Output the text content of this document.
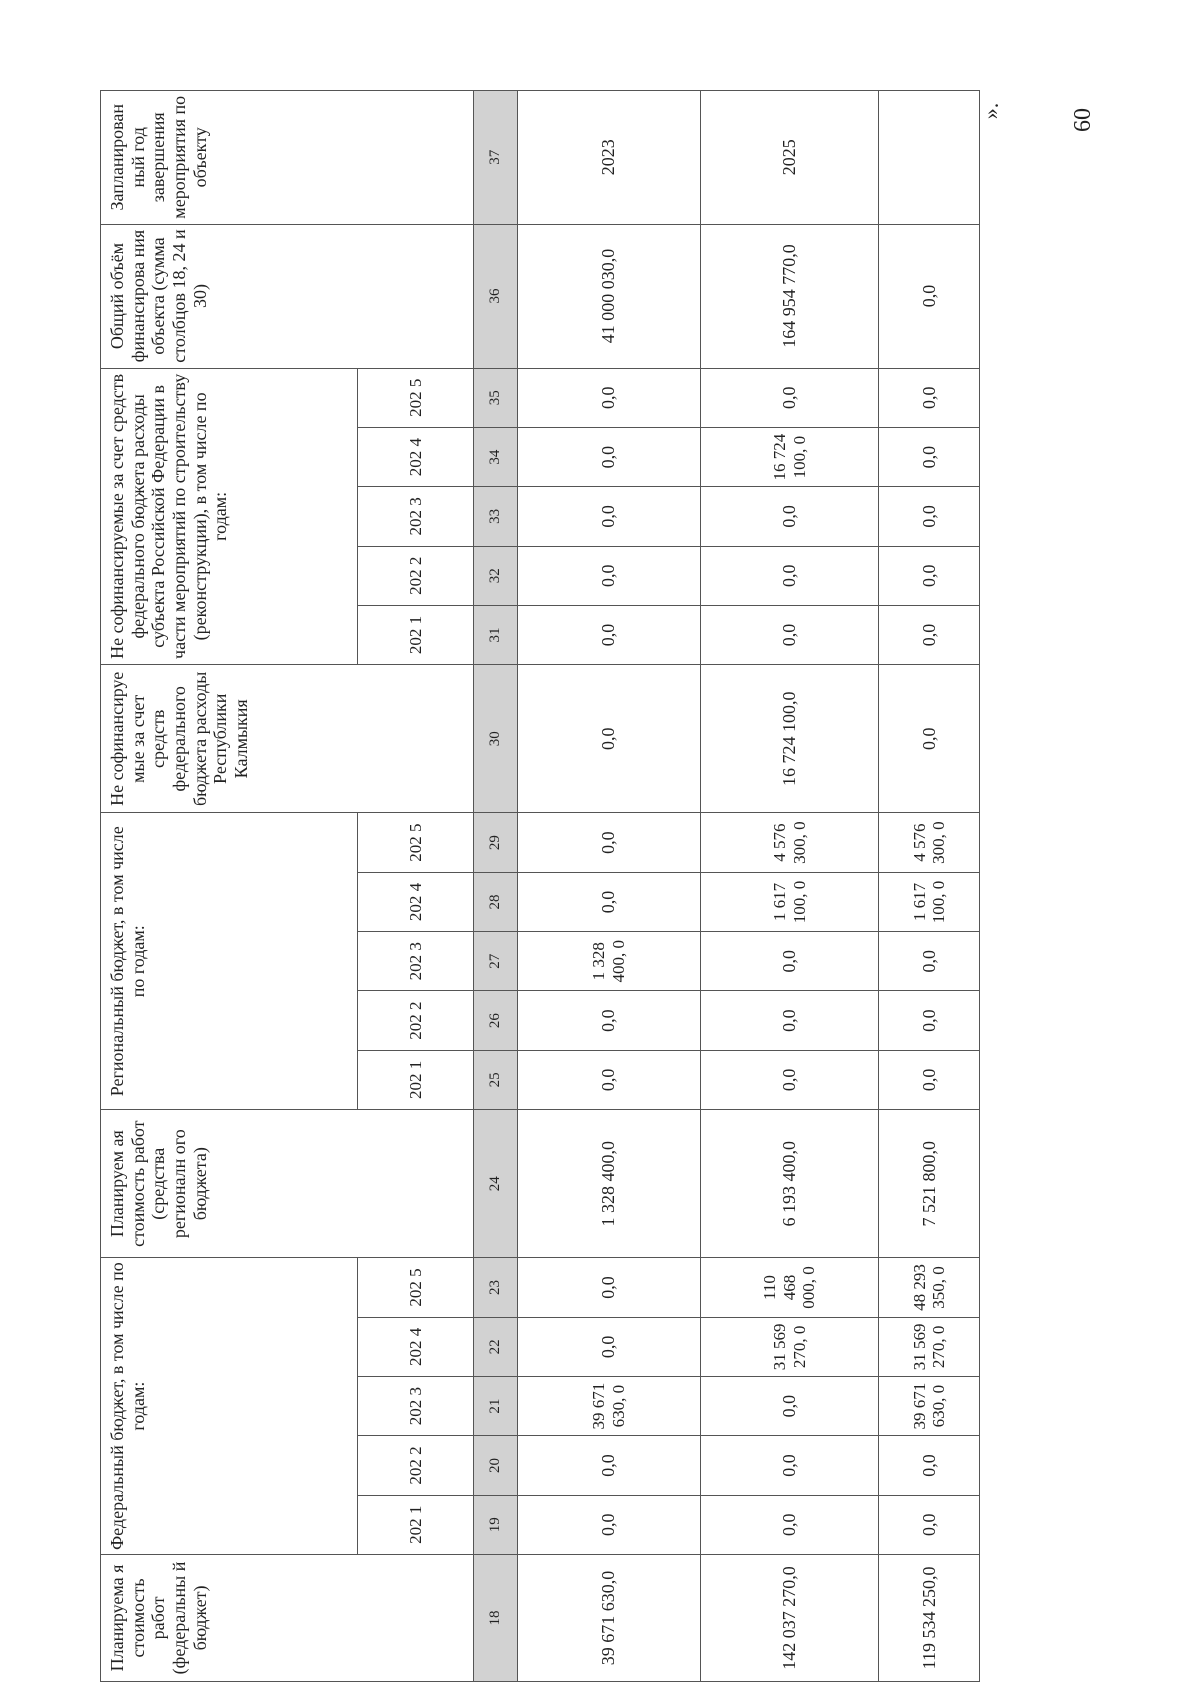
».	60
Планируема я стоимость работ (федеральны й бюджет)	Федеральный бюджет, в том числе по годам:					Планируем ая стоимость работ (средства регионалн ого бюджета)	Региональный бюджет, в том числе по годам:					Не софинансируе мые за счет средств федерального бюджета расходы Республики Калмыкия	Не софинансируемые за счет средств федерального бюджета расходы субъекта Российской Федерации в части мероприятий по строительству (реконструкции), в том числе по годам:					Общий объём финансирова ния объекта (сумма столбцов 18, 24 и 30)	Запланирован ный год завершения мероприятия по объекту
	202 1	202 2	202 3	202 4	202 5		202 1	202 2	202 3	202 4	202 5		202 1	202 2	202 3	202 4	202 5		
18	19	20	21	22	23	24	25	26	27	28	29	30	31	32	33	34	35	36	37
39 671 630,0	0,0	0,0	39 671 630, 0	0,0	0,0	1 328 400,0	0,0	0,0	1 328 400, 0	0,0	0,0	0,0	0,0	0,0	0,0	0,0	0,0	41 000 030,0	2023
142 037 270,0	0,0	0,0	0,0	31 569 270, 0	110 468 000, 0	6 193 400,0	0,0	0,0	0,0	1 617 100, 0	4 576 300, 0	16 724 100,0	0,0	0,0	0,0	16 724 100, 0	0,0	164 954 770,0	2025
119 534 250,0	0,0	0,0	39 671 630, 0	31 569 270, 0	48 293 350, 0	7 521 800,0	0,0	0,0	0,0	1 617 100, 0	4 576 300, 0	0,0	0,0	0,0	0,0	0,0	0,0	0,0	
